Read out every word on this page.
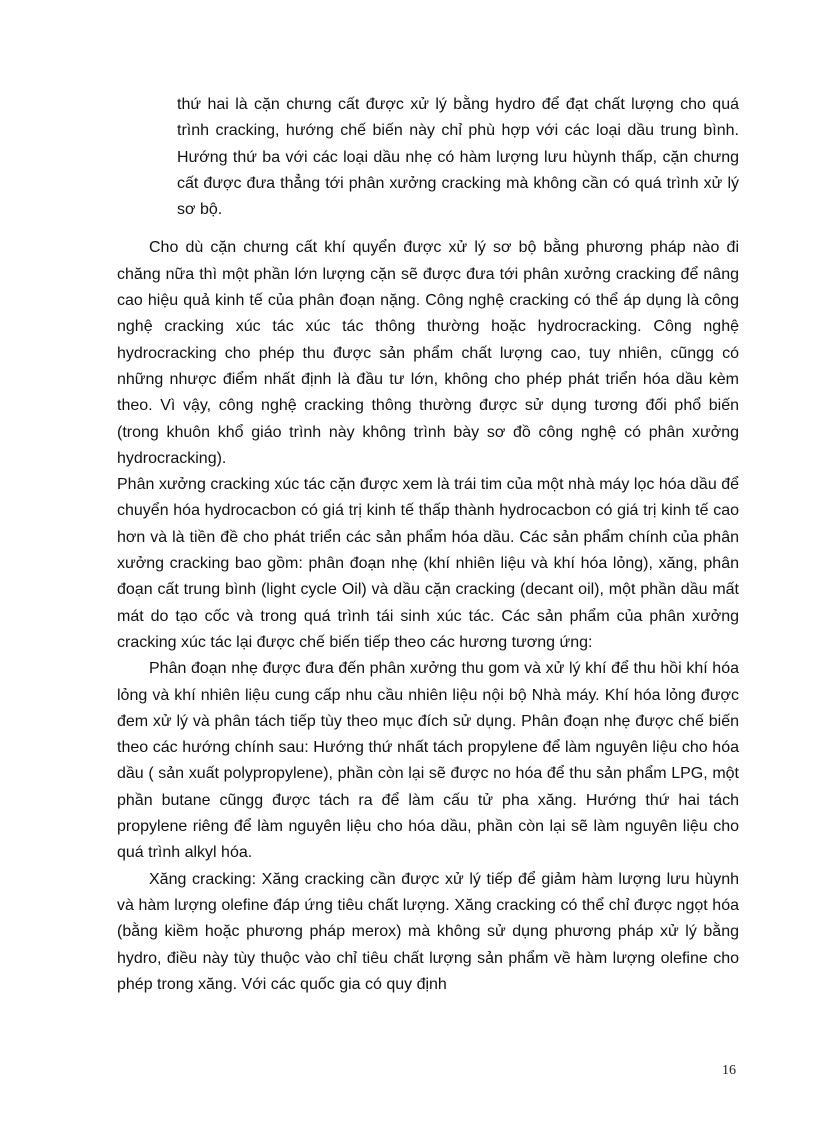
thứ hai là cặn chưng cất được xử lý bằng hydro để đạt chất lượng cho quá trình cracking, hướng chế biến này chỉ phù hợp với các loại dầu trung bình. Hướng thứ ba với các loại dầu nhẹ có hàm lượng lưu hùynh thấp, cặn chưng cất được đưa thẳng tới phân xưởng cracking mà không cần có quá trình xử lý sơ bộ.

Cho dù cặn chưng cất khí quyển được xử lý sơ bộ bằng phương pháp nào đi chăng nữa thì một phần lớn lượng cặn sẽ được đưa tới phân xưởng cracking để nâng cao hiệu quả kinh tế của phân đoạn nặng. Công nghệ cracking có thể áp dụng là công nghệ cracking xúc tác xúc tác thông thường hoặc hydrocracking. Công nghệ hydrocracking cho phép thu được sản phẩm chất lượng cao, tuy nhiên, cũngg có những nhược điểm nhất định là đầu tư lớn, không cho phép phát triển hóa dầu kèm theo. Vì vậy, công nghệ cracking thông thường được sử dụng tương đối phổ biến (trong khuôn khổ giáo trình này không trình bày sơ đồ công nghệ có phân xưởng hydrocracking).

Phân xưởng cracking xúc tác cặn được xem là trái tim của một nhà máy lọc hóa dầu để chuyển hóa hydrocacbon có giá trị kinh tế thấp thành hydrocacbon có giá trị kinh tế cao hơn và là tiền đề cho phát triển các sản phẩm hóa dầu. Các sản phẩm chính của phân xưởng cracking bao gồm: phân đoạn nhẹ (khí nhiên liệu và khí hóa lỏng), xăng, phân đoạn cất trung bình (light cycle Oil) và dầu cặn cracking (decant oil), một phần dầu mất mát do tạo cốc và trong quá trình tái sinh xúc tác. Các sản phẩm của phân xưởng cracking xúc tác lại được chế biến tiếp theo các hương tương ứng:

Phân đoạn nhẹ được đưa đến phân xưởng thu gom và xử lý khí để thu hồi khí hóa lỏng và khí nhiên liệu cung cấp nhu cầu nhiên liệu nội bộ Nhà máy. Khí hóa lỏng được đem xử lý và phân tách tiếp tùy theo mục đích sử dụng. Phân đoạn nhẹ được chế biến theo các hướng chính sau: Hướng thứ nhất tách propylene để làm nguyên liệu cho hóa dầu ( sản xuất polypropylene), phần còn lại sẽ được no hóa để thu sản phẩm LPG, một phần butane cũngg được tách ra để làm cấu tử pha xăng. Hướng thứ hai tách propylene riêng để làm nguyên liệu cho hóa dầu, phần còn lại sẽ làm nguyên liệu cho quá trình alkyl hóa.

Xăng cracking: Xăng cracking cần được xử lý tiếp để giảm hàm lượng lưu hùynh và hàm lượng olefine đáp ứng tiêu chất lượng. Xăng cracking có thể chỉ được ngọt hóa (bằng kiềm hoặc phương pháp merox) mà không sử dụng phương pháp xử lý bằng hydro, điều này tùy thuộc vào chỉ tiêu chất lượng sản phẩm về hàm lượng olefine cho phép trong xăng. Với các quốc gia có quy định

16
